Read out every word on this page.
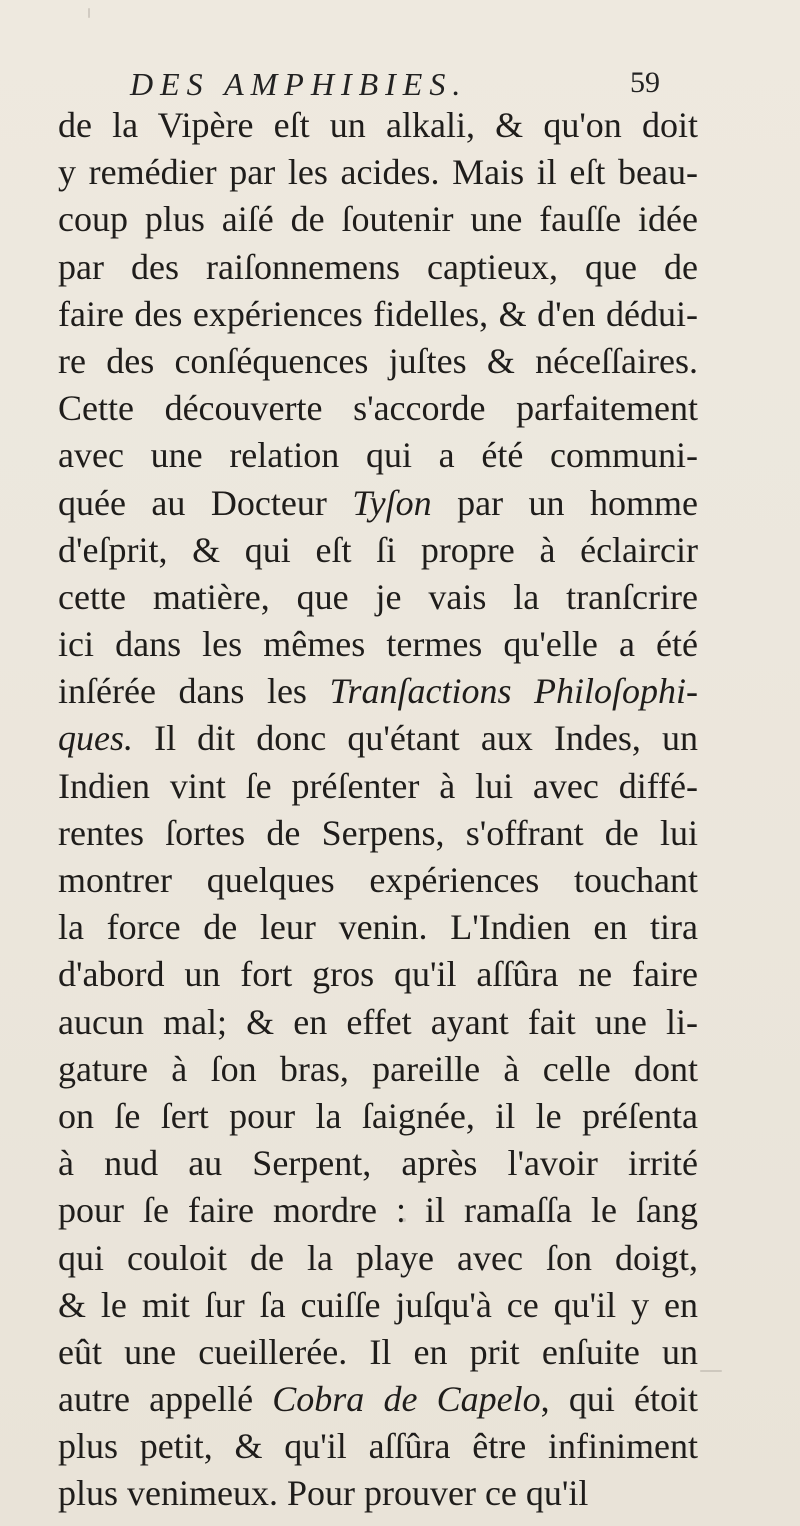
DES AMPHIBIES.	59
de la Vipère eſt un alkali, & qu'on doit
y remédier par les acides. Mais il eſt beau-
coup plus aiſé de ſoutenir une fauſſe idée
par des raiſonnemens captieux, que de
faire des expériences fidelles, & d'en dédui-
re des conſéquences juſtes & néceſſaires.
Cette découverte s'accorde parfaitement
avec une relation qui a été communi-
quée au Docteur Tyſon par un homme
d'eſprit, & qui eſt ſi propre à éclaircir
cette matière, que je vais la tranſcrire
ici dans les mêmes termes qu'elle a été
inſérée dans les Tranſactions Philoſophi-
ques. Il dit donc qu'étant aux Indes, un
Indien vint ſe préſenter à lui avec diffé-
rentes ſortes de Serpens, s'offrant de lui
montrer quelques expériences touchant
la force de leur venin. L'Indien en tira
d'abord un fort gros qu'il aſſûra ne faire
aucun mal; & en effet ayant fait une li-
gature à ſon bras, pareille à celle dont
on ſe ſert pour la ſaignée, il le préſenta
à nud au Serpent, après l'avoir irrité
pour ſe faire mordre : il ramaſſa le ſang
qui couloit de la playe avec ſon doigt,
& le mit ſur ſa cuiſſe juſqu'à ce qu'il y en
eût une cueillerée. Il en prit enſuite un
autre appellé Cobra de Capelo, qui étoit
plus petit, & qu'il aſſûra être infiniment
plus venimeux. Pour prouver ce qu'il
